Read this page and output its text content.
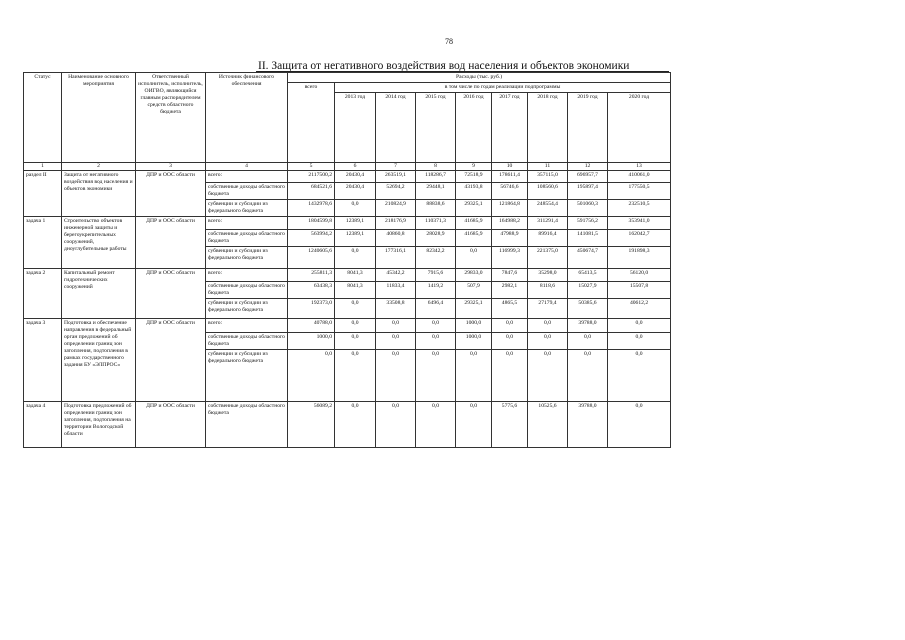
78
II. Защита от негативного воздействия вод населения и объектов экономики
Статус	Наименование основного мероприятия	Ответственный исполнитель, исполнитель, ОИГВО, являющийся главным распорядителем средств областного бюджета	Источник финансового обеспечения	Расходы (тыс. руб.)								
				всего	в том числе по годам реализации подпрограммы							
					2013 год	2014 год	2015 год	2016 год	2017 год	2018 год	2019 год	2020 год
1	2	3	4	5	6	7	8	9	10	11	12	13
раздел II	Защита от негативного воздействия вод населения и объектов экономики	ДПР и ООС области	всего:	2117500,2	20430,4	263519,1	118286,7	72518,9	178611,4	357115,0	696957,7	410061,0
			собственные доходы областного бюджета	684521,6	20430,4	52694,2	29448,1	43193,8	56746,6	108560,6	195897,4	177550,5
			субвенции и субсидии из федерального бюджета	1432978,6	0,0	210824,9	88838,6	29325,1	121864,8	248554,4	501060,3	232510,5
задача 1	Строительство объектов инженерной защиты и берегоукрепительных сооружений, дноуглубительные работы	ДПР и ООС области	всего:	1804599,8	12389,1	218176,9	110371,3	41685,9	164988,2	311291,4	591756,2	353941,0
			собственные доходы областного бюджета	563994,2	12389,1	40860,8	28028,9	41685,9	47988,9	89916,4	141081,5	162042,7
			субвенции и субсидии из федерального бюджета	1240605,6	0,0	177316,1	82342,2	0,0	116999,3	221375,0	450674,7	191898,3
задача 2	Капитальный ремонт гидротехнических сооружений	ДПР и ООС области	всего:	255811,3	8041,3	45342,2	7915,6	29833,0	7847,6	35298,0	65413,5	56120,0
			собственные доходы областного бюджета	63438,3	8041,3	11833,4	1419,2	507,9	2982,1	8118,6	15027,9	15507,8
			субвенции и субсидии из федерального бюджета	192373,0	0,0	33508,8	6496,4	29325,1	4865,5	27179,4	50385,6	40612,2
задача 3	Подготовка и обеспечение направления в федеральный орган предложений об определении границ зон затопления, подтопления в рамках государственного задания БУ «ЭЛПРОС»	ДПР и ООС области	всего:	40788,0	0,0	0,0	0,0	1000,0	0,0	0,0	39788,0	0,0
			собственные доходы областного бюджета	1000,0	0,0	0,0	0,0	1000,0	0,0	0,0	0,0	0,0
			субвенции и субсидии из федерального бюджета	0,0	0,0	0,0	0,0	0,0	0,0	0,0	0,0	0,0
задача 4	Подготовка предложений об определении границ зон затопления, подтопления на территории Вологодской области	ДПР и ООС области	собственные доходы областного бюджета	56089,2	0,0	0,0	0,0	0,0	5775,6	10525,6	39788,0	0,0
